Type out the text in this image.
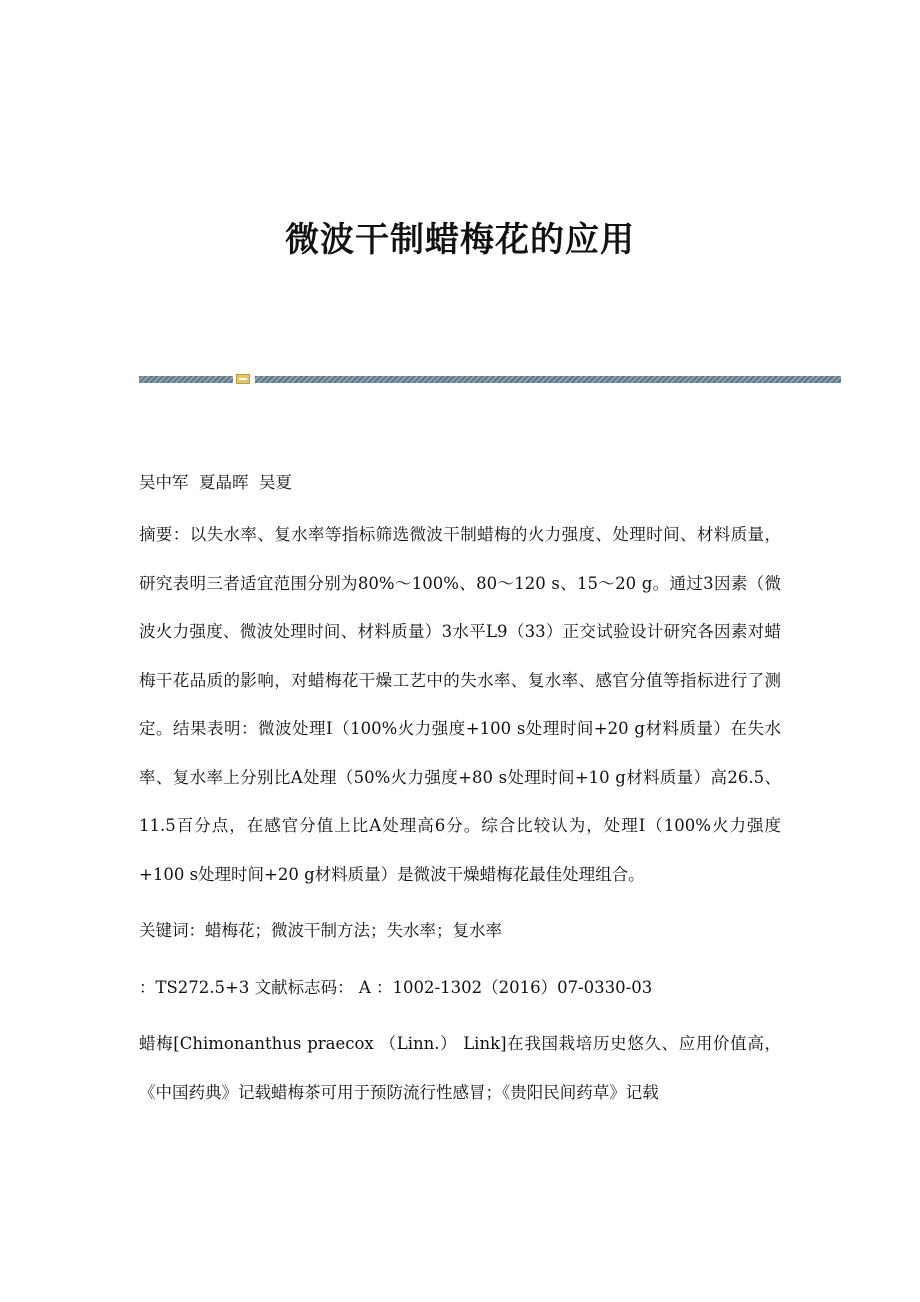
微波干制蜡梅花的应用
吴中军  夏晶晖  吴夏

摘要：以失水率、复水率等指标筛选微波干制蜡梅的火力强度、处理时间、材料质量，研究表明三者适宜范围分别为80%～100%、80～120 s、15～20 g。通过3因素（微波火力强度、微波处理时间、材料质量）3水平L9（33）正交试验设计研究各因素对蜡梅干花品质的影响，对蜡梅花干燥工艺中的失水率、复水率、感官分值等指标进行了测定。结果表明：微波处理Ⅰ（100%火力强度+100 s处理时间+20 g材料质量）在失水率、复水率上分别比A处理（50%火力强度+80 s处理时间+10 g材料质量）高26.5、11.5百分点，在感官分值上比A处理高6分。综合比较认为，处理Ⅰ（100%火力强度+100 s处理时间+20 g材料质量）是微波干燥蜡梅花最佳处理组合。

关键词：蜡梅花；微波干制方法；失水率；复水率

：TS272.5+3 文献标志码： A ：1002-1302（2016）07-0330-03

蜡梅[Chimonanthus praecox （Linn.） Link]在我国栽培历史悠久、应用价值高，《中国药典》记载蜡梅茶可用于预防流行性感冒；《贵阳民间药草》记载
